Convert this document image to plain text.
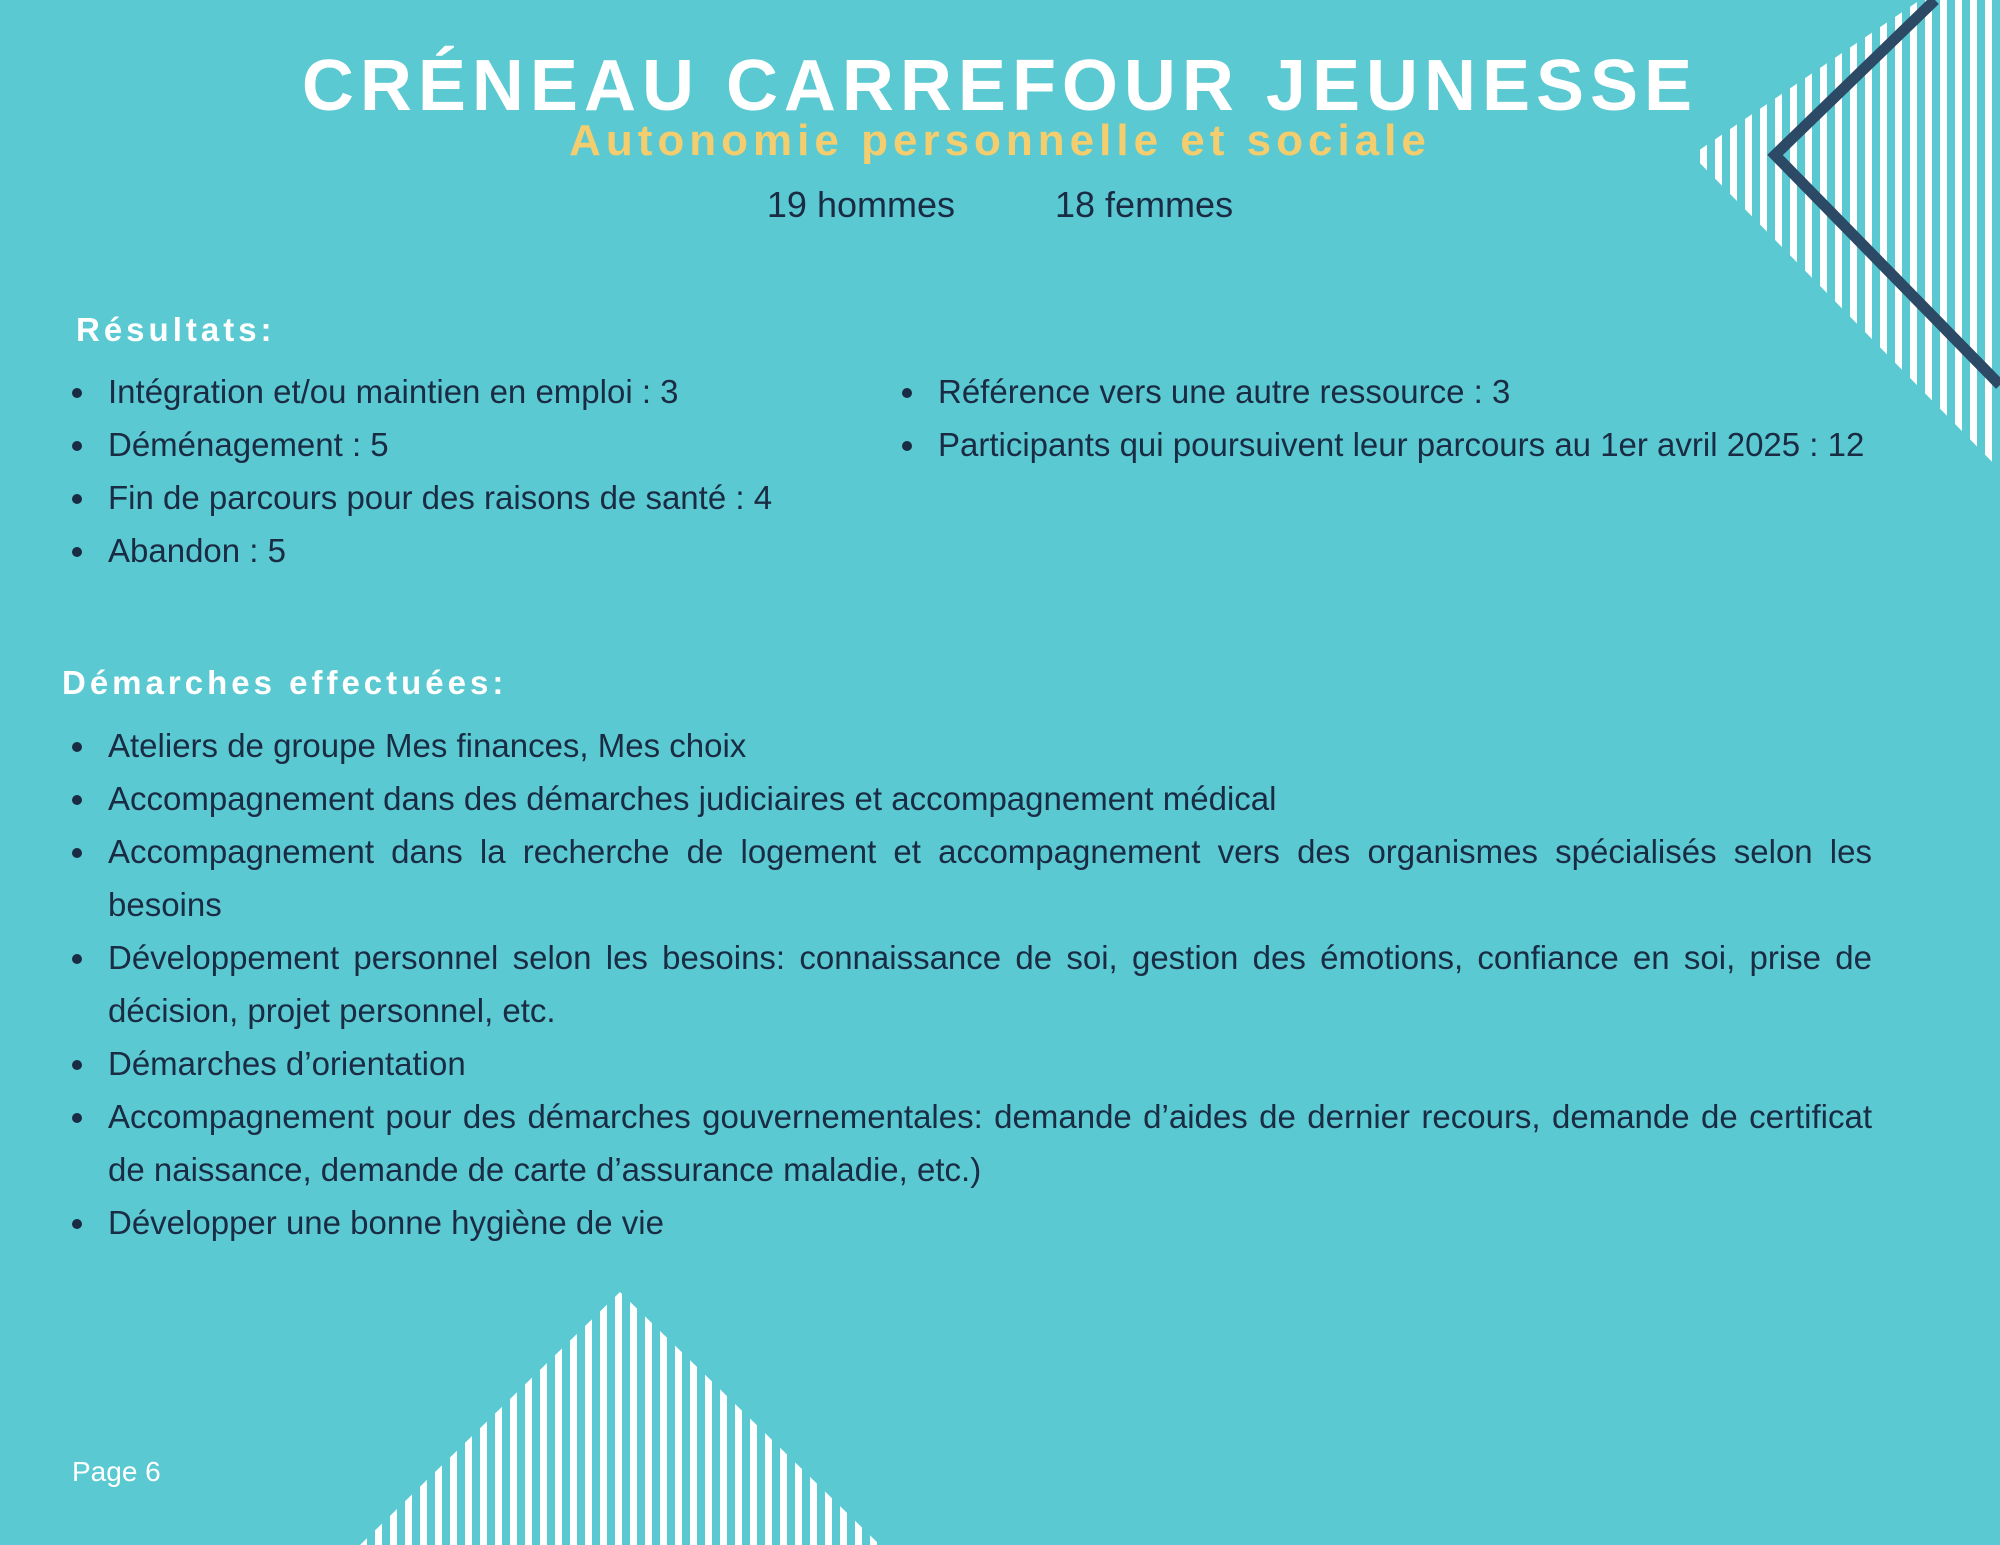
CRÉNEAU CARREFOUR JEUNESSE
Autonomie personnelle et sociale
19 hommes	18 femmes
Résultats:
Intégration et/ou maintien en emploi : 3
Déménagement : 5
Fin de parcours pour des raisons de santé : 4
Abandon : 5
Référence vers une autre ressource : 3
Participants qui poursuivent leur parcours au 1er avril 2025 : 12
Démarches effectuées:
Ateliers de groupe Mes finances, Mes choix
Accompagnement dans des démarches judiciaires et accompagnement médical
Accompagnement dans la recherche de logement et accompagnement vers des organismes spécialisés selon les besoins
Développement personnel selon les besoins: connaissance de soi, gestion des émotions, confiance en soi, prise de décision, projet personnel, etc.
Démarches d’orientation
Accompagnement pour des démarches gouvernementales: demande d’aides de dernier recours, demande de certificat de naissance, demande de carte d’assurance maladie, etc.)
Développer une bonne hygiène de vie
Page 6
